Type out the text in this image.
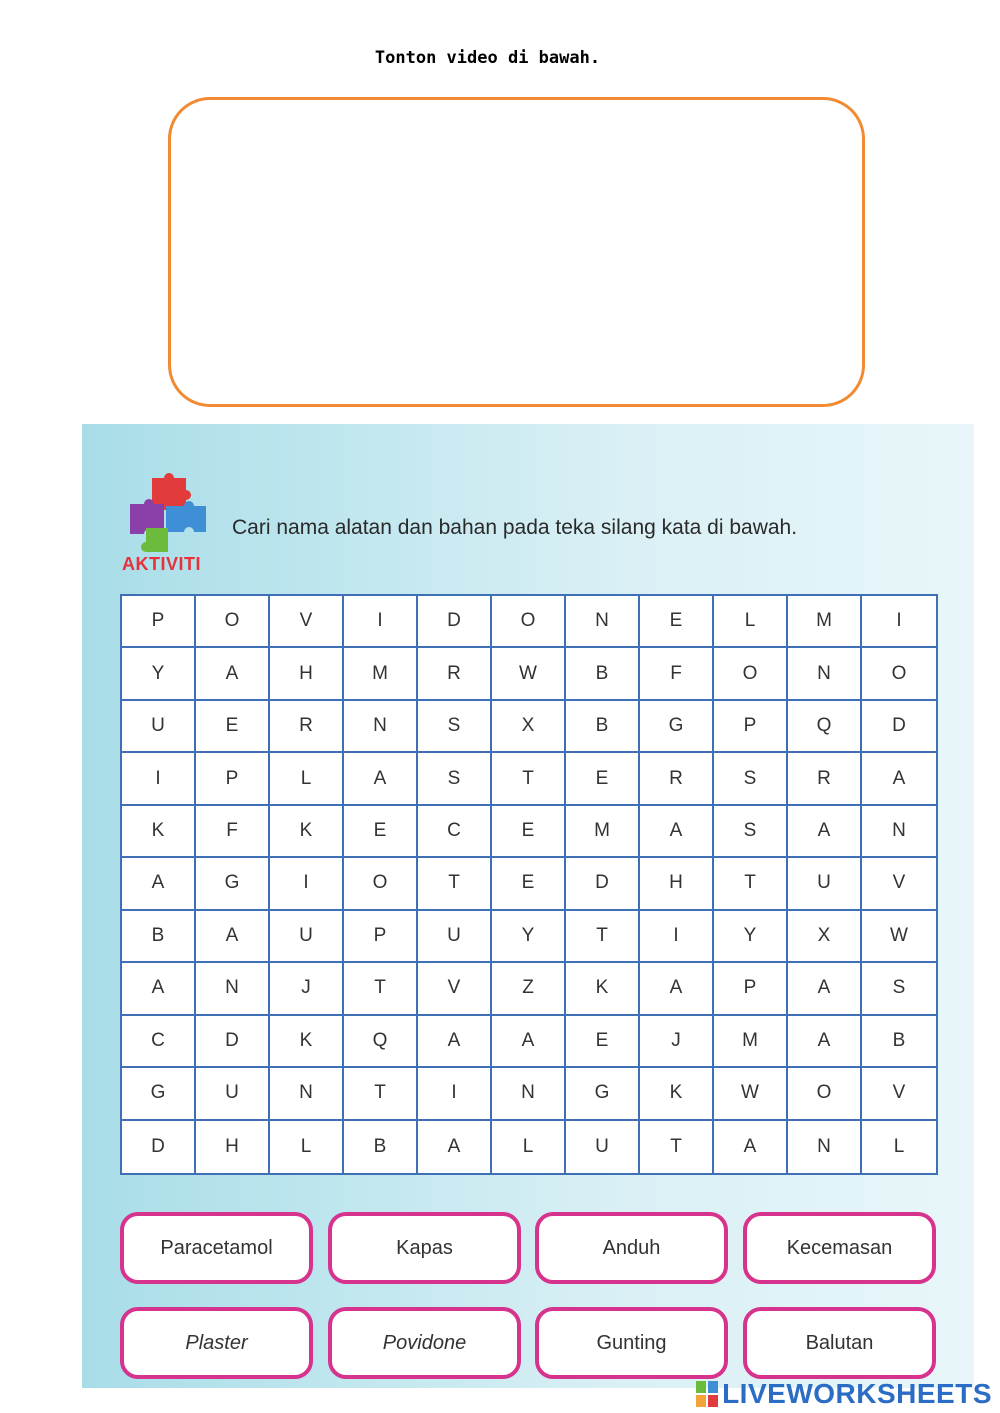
Tonton video di bawah.
AKTIVITI
Cari nama alatan dan bahan pada teka silang kata di bawah.
P	O	V	I	D	O	N	E	L	M	I
Y	A	H	M	R	W	B	F	O	N	O
U	E	R	N	S	X	B	G	P	Q	D
I	P	L	A	S	T	E	R	S	R	A
K	F	K	E	C	E	M	A	S	A	N
A	G	I	O	T	E	D	H	T	U	V
B	A	U	P	U	Y	T	I	Y	X	W
A	N	J	T	V	Z	K	A	P	A	S
C	D	K	Q	A	A	E	J	M	A	B
G	U	N	T	I	N	G	K	W	O	V
D	H	L	B	A	L	U	T	A	N	L
Paracetamol	Kapas	Anduh	Kecemasan
Plaster	Povidone	Gunting	Balutan
LIVEWORKSHEETS
